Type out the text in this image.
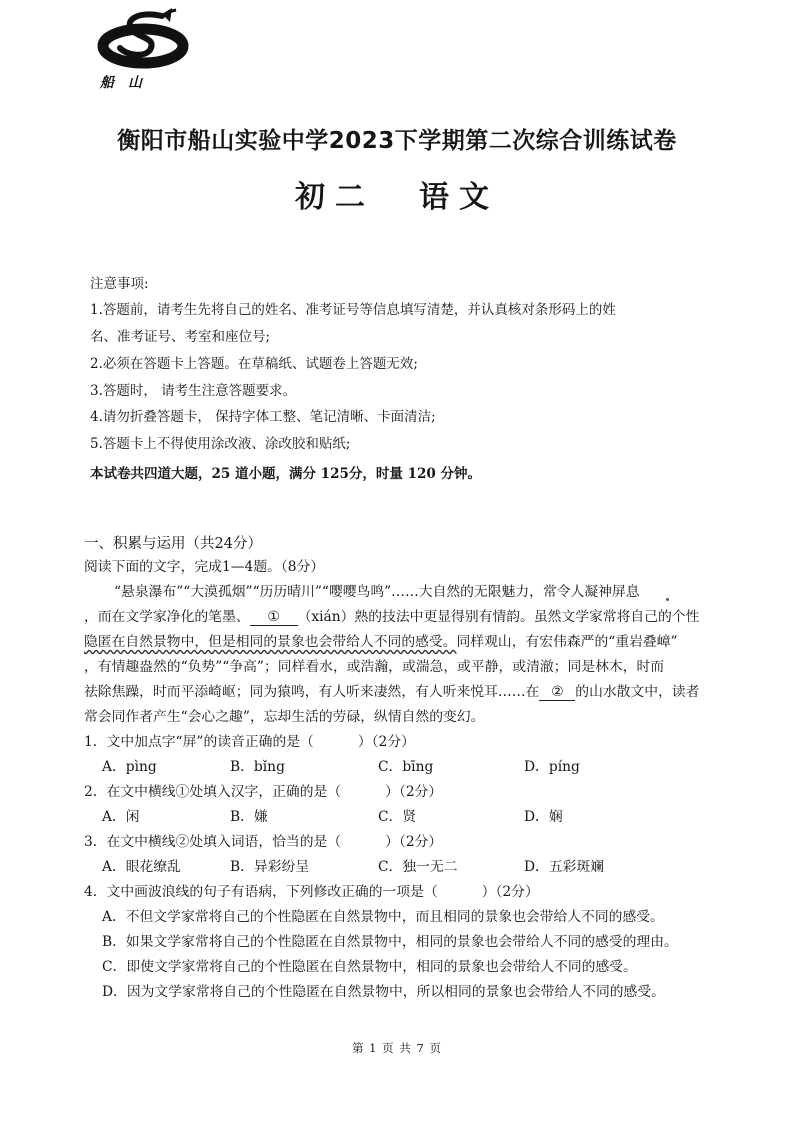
船山
衡阳市船山实验中学2023下学期第二次综合训练试卷
初二 语文
注意事项:
1.答题前，请考生先将自己的姓名、准考证号等信息填写清楚，并认真核对条形码上的姓
名、准考证号、考室和座位号;
2.必须在答题卡上答题。在草稿纸、试题卷上答题无效;
3.答题时， 请考生注意答题要求。
4.请勿折叠答题卡， 保持字体工整、笔记清晰、卡面清洁;
5.答题卡上不得使用涂改液、涂改胶和贴纸;
本试卷共四道大题，25 道小题，满分 125分，时量 120 分钟。
一、积累与运用（共24分）
阅读下面的文字，完成1—4题。（8分）
“悬泉瀑布”“大漠孤烟”“历历晴川”“嘤嘤鸟鸣”……大自然的无限魅力，常令人凝神屏息
，而在文学家净化的笔墨、 ① （xián）熟的技法中更显得别有情韵。虽然文学家常将自己的个性
隐匿在自然景物中，但是相同的景象也会带给人不同的感受。同样观山，有宏伟森严的“重岩叠嶂”
，有情趣盎然的“负势”“争高”；同样看水，或浩瀚，或湍急，或平静，或清澈；同是林木，时而
祛除焦躁，时而平添崎岖；同为猿鸣，有人听来凄然，有人听来悦耳……在 ② 的山水散文中，读者
常会同作者产生“会心之趣”，忘却生活的劳碌，纵情自然的变幻。
1．文中加点字“屏”的读音正确的是（	）（2分）
A．pìng	B．bǐng	C．bīng	D．píng
2．在文中横线①处填入汉字，正确的是（	）（2分）
A．闲	B．嫌	C．贤	D．娴
3．在文中横线②处填入词语，恰当的是（	）（2分）
A．眼花缭乱	B．异彩纷呈	C．独一无二	D．五彩斑斓
4．文中画波浪线的句子有语病，下列修改正确的一项是（	）（2分）
A．不但文学家常将自己的个性隐匿在自然景物中，而且相同的景象也会带给人不同的感受。
B．如果文学家常将自己的个性隐匿在自然景物中，相同的景象也会带给人不同的感受的理由。
C．即使文学家常将自己的个性隐匿在自然景物中，相同的景象也会带给人不同的感受。
D．因为文学家常将自己的个性隐匿在自然景物中，所以相同的景象也会带给人不同的感受。
第 1 页 共 7 页
